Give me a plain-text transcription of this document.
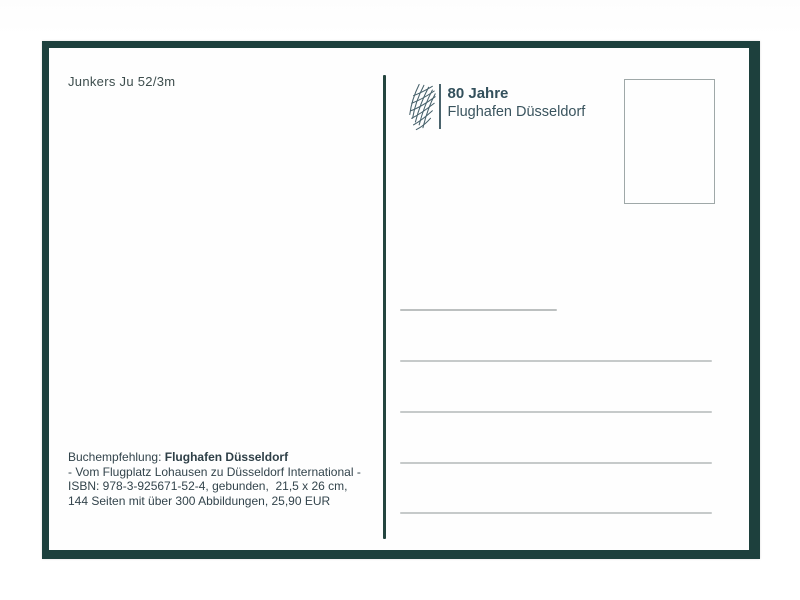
Junkers Ju 52/3m
80 Jahre
Flughafen Düsseldorf
Buchempfehlung: Flughafen Düsseldorf
- Vom Flugplatz Lohausen zu Düsseldorf International -
ISBN: 978-3-925671-52-4, gebunden,  21,5 x 26 cm,
144 Seiten mit über 300 Abbildungen, 25,90 EUR
